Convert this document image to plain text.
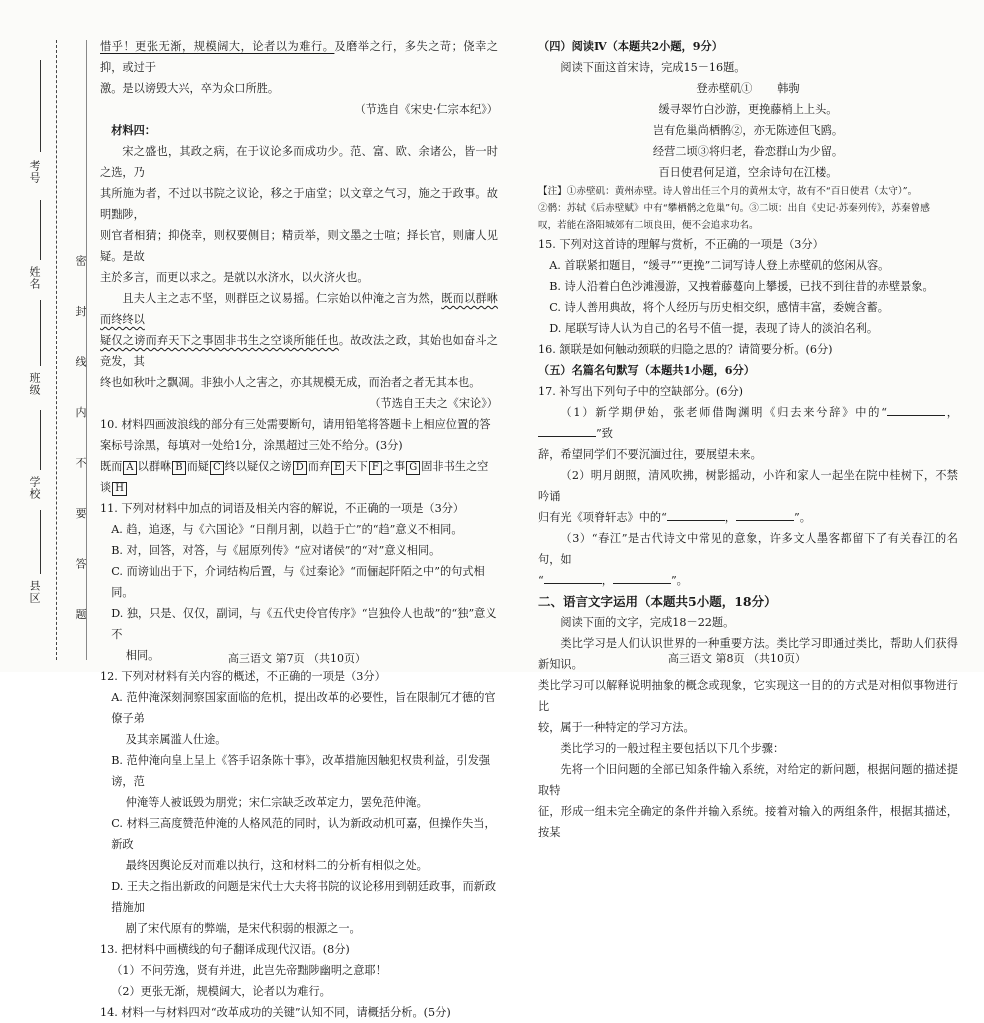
考号
姓名
班级
学校
县区	密 封 线 内 不 要 答 题

惜乎！更张无渐，规模阔大，论者以为难行。及磨举之行，多失之苛；侥幸之抑，或过于

激。是以谤毁大兴，卒为众口所胜。

（节选自《宋史·仁宗本纪》）

材料四：

宋之盛也，其政之病，在于议论多而成功少。范、富、欧、余诸公，皆一时之选，乃

其所施为者，不过以书院之议论，移之于庙堂；以文章之气习，施之于政事。故明黜陟，

则官者相猜；抑侥幸，则权要侧目；精贡举，则文墨之士喧；择长官，则庸人见疑。是故

主於多言，而更以求之。是就以水济水，以火济火也。

且夫人主之志不坚，则群臣之议易摇。仁宗始以仲淹之言为然，既而以群咻而终终以

疑仅之谤而弃天下之事固非书生之空谈所能任也。故改法之政，其始也如奋斗之竞发，其

终也如秋叶之飘凋。非独小人之害之，亦其规模无成，而治者之者无其本也。

（节选自王夫之《宋论》）

10. 材料四画波浪线的部分有三处需要断句，请用铅笔将答题卡上相应位置的答案标号涂黑，每填对一处给1分，涂黑超过三处不给分。(3分)

既而 A 以群咻 B 而疑 C 终以疑仅之谤 D 而弃 E 天下 F 之事 G 固非书生之空谈 H

11. 下列对材料中加点的词语及相关内容的解说，不正确的一项是（3分）

A. 趋，追逐，与《六国论》“日削月割，以趋于亡”的“趋”意义不相同。

B. 对，回答，对答，与《屈原列传》“应对诸侯”的“对”意义相同。

C. 而谤讪出于下，介词结构后置，与《过秦论》“而俪起阡陌之中”的句式相同。

D. 独，只是、仅仅，副词，与《五代史伶官传序》“岂独伶人也哉”的“独”意义不

相同。

12. 下列对材料有关内容的概述，不正确的一项是（3分）

A. 范仲淹深刻洞察国家面临的危机，提出改革的必要性，旨在限制冗才德的官僚子弟

及其亲属滥人仕途。

B. 范仲淹向皇上呈上《答手诏条陈十事》，改革措施因触犯权贵利益，引发强谤，范

仲淹等人被诋毁为朋党；宋仁宗缺乏改革定力，罢免范仲淹。

C. 材料三高度赞范仲淹的人格风范的同时，认为新政动机可嘉，但操作失当，新政

最终因舆论反对而难以执行，这和材料二的分析有相似之处。

D. 王夫之指出新政的问题是宋代士大夫将书院的议论移用到朝廷政事，而新政措施加

剧了宋代原有的弊端，是宋代积弱的根源之一。

13. 把材料中画横线的句子翻译成现代汉语。(8分)

（1）不问劳逸，贤有并进，此岂先帝黜陟幽明之意耶！

（2）更张无渐，规模阔大，论者以为难行。

14. 材料一与材料四对“改革成功的关键”认知不同，请概括分析。(5分)

高三语文 第7页 （共10页）

（四）阅读Ⅳ（本题共2小题，9分）

阅读下面这首宋诗，完成15－16题。

登赤壁矶① 韩驹

缓寻翠竹白沙游，更挽藤梢上上头。

岂有危巢尚栖鹘②，亦无陈迹但飞鸥。

经营二顷③将归老，眷恋群山为少留。

百日使君何足道，空余诗句在江楼。

【注】①赤壁矶：黄州赤壁。诗人曾出任三个月的黄州太守，故有不“百日使君（太守）”。

②鹘：苏轼《后赤壁赋》中有“攀栖鹘之危巢”句。③二顷：出自《史记·苏秦列传》，苏秦曾感

叹，若能在洛阳城郊有二顷良田，便不会追求功名。

15. 下列对这首诗的理解与赏析，不正确的一项是（3分）

A. 首联紧扣题目，“缓寻”“更挽”二词写诗人登上赤壁矶的悠闲从容。

B. 诗人沿着白色沙滩漫游，又拽着藤蔓向上攀援，已找不到往昔的赤壁景象。

C. 诗人善用典故，将个人经历与历史相交织，感情丰富，委婉含蓄。

D. 尾联写诗人认为自己的名号不值一提，表现了诗人的淡泊名利。

16. 颔联是如何触动颈联的归隐之思的？请简要分析。(6分)

（五）名篇名句默写（本题共1小题，6分）

17. 补写出下列句子中的空缺部分。(6分)

（1）新学期伊始，张老师借陶渊明《归去来兮辞》中的“	，”致

辞，希望同学们不要沉湎过往，要展望未来。

（2）明月朗照，清风吹拂，树影摇动，小许和家人一起坐在院中桂树下，不禁吟诵

归有光《项脊轩志》中的“	，	”。

（3）“春江”是古代诗文中常见的意象，许多文人墨客都留下了有关春江的名句，如

“	，	”。

二、语言文字运用（本题共5小题，18分）

阅读下面的文字，完成18－22题。

类比学习是人们认识世界的一种重要方法。类比学习即通过类比，帮助人们获得新知识。

类比学习可以解释说明抽象的概念或现象，它实现这一目的的方式是对相似事物进行比

较，属于一种特定的学习方法。

类比学习的一般过程主要包括以下几个步骤：

先将一个旧问题的全部已知条件输入系统，对给定的新问题，根据问题的描述提取特

征，形成一组未完全确定的条件并输入系统。接着对输入的两组条件，根据其描述，按某

高三语文 第8页 （共10页）
